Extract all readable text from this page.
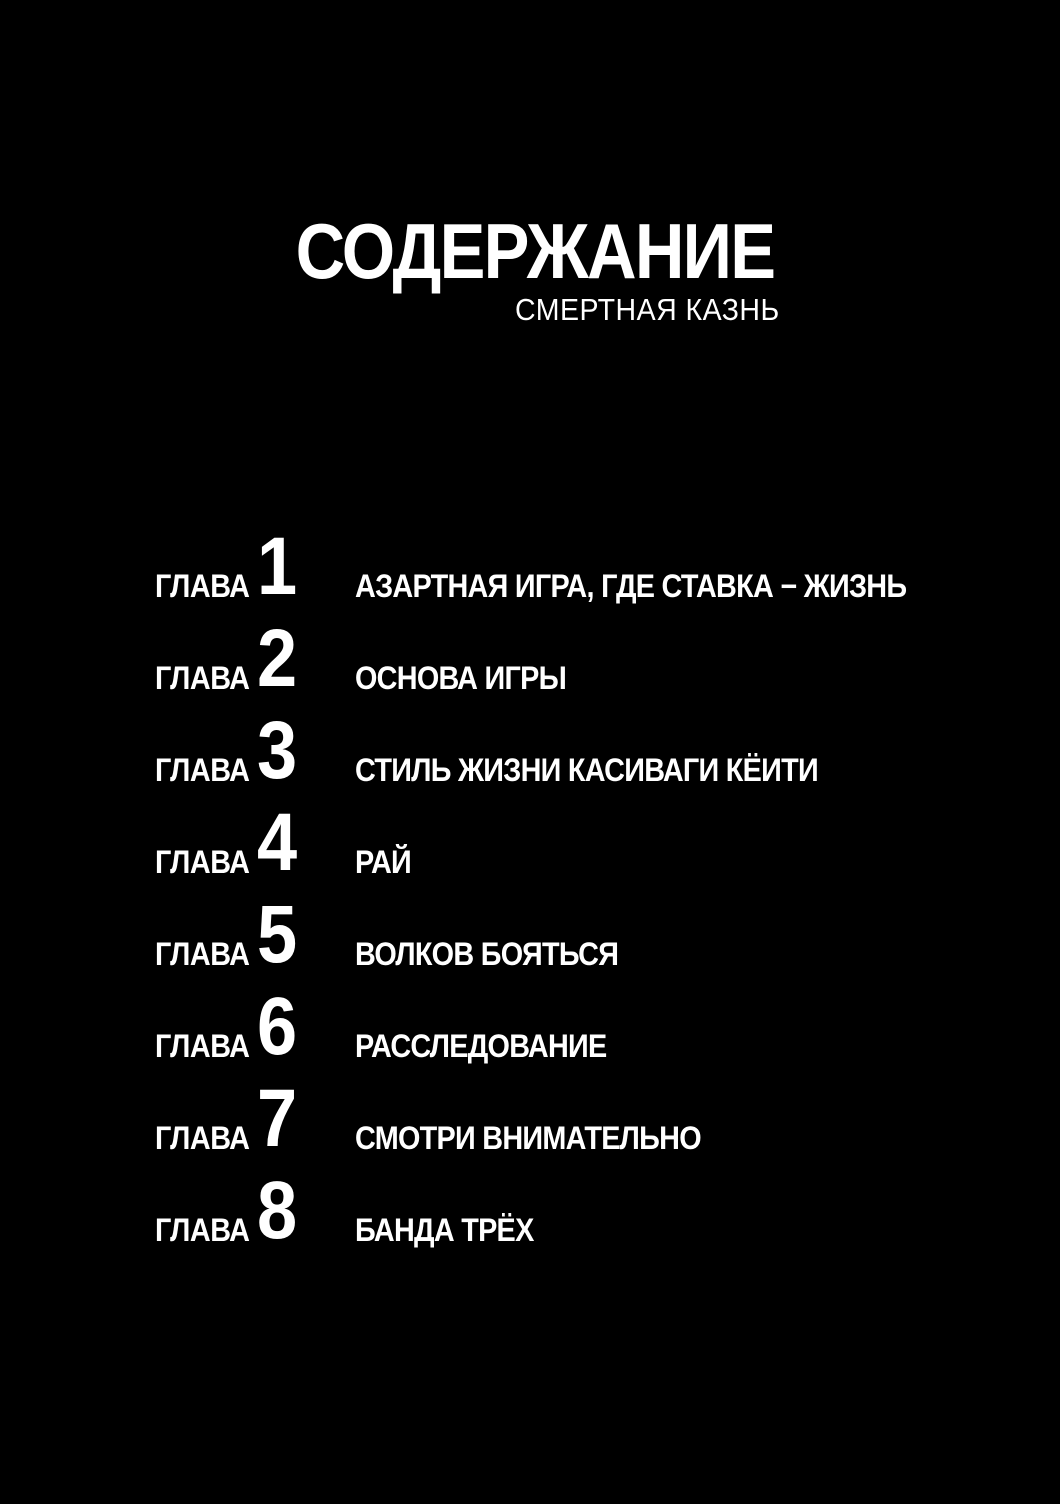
СОДЕРЖАНИЕ
СМЕРТНАЯ КАЗНЬ
ГЛАВА 1 АЗАРТНАЯ ИГРА, ГДЕ СТАВКА − ЖИЗНЬ
ГЛАВА 2 ОСНОВА ИГРЫ
ГЛАВА 3 СТИЛЬ ЖИЗНИ КАСИВАГИ КЁИТИ
ГЛАВА 4 РАЙ
ГЛАВА 5 ВОЛКОВ БОЯТЬСЯ
ГЛАВА 6 РАССЛЕДОВАНИЕ
ГЛАВА 7 СМОТРИ ВНИМАТЕЛЬНО
ГЛАВА 8 БАНДА ТРЁХ
